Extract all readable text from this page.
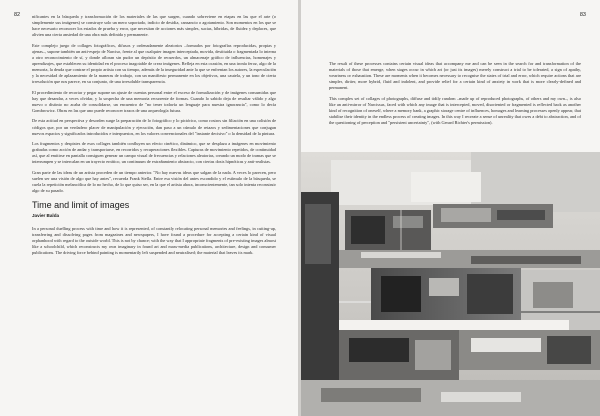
82	nificantes en la búsqueda y transformación de los materiales de las que surgen, cuando sobreviene en etapas en las que el arte (o simplemente sus imágenes) se construye solo un mero soportado, indicio de desidia, cansancio o agotamiento. Son momentos en los que se hace necesario reconocer los estados de prueba y error, que necesitan de acciones más simples, sucias, híbridas, de fluidez y deplaces, que alivien una cierta ansiedad de una obra más definida y permanente.

Este complejo juego de collages fotográficos, difusos y ordenadamente aleatorios –formados por fotografías reproducidas, propias y ajenas–, supone también un anti-espejo de Narciso, frente al que cualquier imagen interceptada, movida, destituida o fragmentada lo interna a otro reconocimiento de sí, y donde afloran sin pudor un depósito de recuerdos, un almacenaje gráfico de influencias, homenajes y aprendizajes, que establecen su identidad en el proceso inagotable de crear imágenes. Refleja en esta ocasión, en una ironía feroz, algo de la memoria, la deuda que contrae el propio artista con su tiempo, además de la inseguridad ante la que se enfrentan los autores, la especulación y la necesidad de aplazamiento de la maneras de trabajo, con un manifiesto permanente en los objetivos, una cautela, y un tono de cierta irresolución que nos parece, en su conjunto, de una irresoluble transparencia.

El procedimiento de recortar y pegar supone un ajuste de cuentas personal entre el exceso de formalización y de imágenes consumidas que hay que desandar, a veces olvidar, y la sospecha de una memoria recurrente de formas. Cuando lo sabido deja de resultar válido y algo nuevo o distinto no acaba de consolidarse, un encuentro de "no tener todavía un lenguaje para nuestra ignorancia", como lo decía Gombrowicz. Obras en las que uno puede reconocer trazos de una arqueología futura.

De esta actitud en perspectiva y desorden surge la preparación de lo fotográfico y lo pictórico, como rostros sin filiación en una colisión de códigos que, por un verdadero placer de manipulación y ejecución, dan paso a un cúmulo de retazos y sedimentaciones que conjugan nuevos espacios y significados introducidos e interpuestos, en los valores convencionales del "instante decisivo" o la densidad de la pintura.

Los fragmentos y despistes de esos collages también confluyen un efecto cinético, dinámico, que se desplaza a imágenes en movimiento grabadas como acción de andar y transportarse, en recorridos y recuperaciones flexibles. Capturas de movimiento repetidos, de continuidad así, que al emitirse en pantalla consiguen generar un campo visual de frecuencias y relaciones aleatorias, creando un modo de tramas que se interrumpen y se intercalan en un trayecto errático, un continuum de extrañamiento abstracto, con ciertas dosis hipnóticas y anti-realistas.

Gran parte de las ideas de un artista proceden de un tiempo anterior. "No hay nuevas ideas que salgan de la nada. A veces lo parecen, pero suelen ser una visión de algo que hay antes", recuerda Frank Stella. Entre esa visión del antes escondido y el estímulo de la búsqueda, se cuela la repetición melancólica de lo no hecho, de lo que quiso ser, en la que el artista ahora, inconscientemente, tan solo intenta reconstruir algo de su pasado.

Time and limit of images
Javier Balda

In a personal duelling process with time and how it is represented, of constantly relocating personal memories and feelings, in cutting-up, transferring and dissolving pages from magazines and newspapers, I have found a procedure for accepting a certain kind of visual orphanhood with regard to the outside world. This is not by chance; with the way that I appropriate fragments of pre-existing images almost like a schoolchild, which reconstructs my own imaginary in found art and mass-media publications, architecture, design and consumer publications. The driving force behind painting is momentarily left suspended and neutralised; the material that leaves its mark.

83

The result of these processes contains certain visual ideas that accompany me and can be seen in the search for and transformation of the materials of those that emerge, when stages occur in which art (or just its images) merely construct a trial to be tolerated, a sign of apathy, weariness or exhaustion. These are moments when it becomes necessary to recognise the states of trial and error, which require actions that are simpler, dirtier, more hybrid, fluid and indolent, and provide relief for a certain kind of anxiety in work that is more clearly-defined and permanent.

This complex set of collages of photographs, diffuse and tidily random –made up of reproduced photographs, of others and my own–, is also like an anti-mirror of Narcissus, faced with which any image that is intercepted, moved, disoriented or fragmented is reflected back as another kind of recognition of oneself, where a memory bank, a graphic storage centre of influences, homages and learning processes openly appear, that stabilise their identity in the endless process of creating images. In this way I recreate a sense of unreality that owes a debt to abstraction, and of the questioning of perception and "persistent uncertainty", (with Gerard Richter's permission).
